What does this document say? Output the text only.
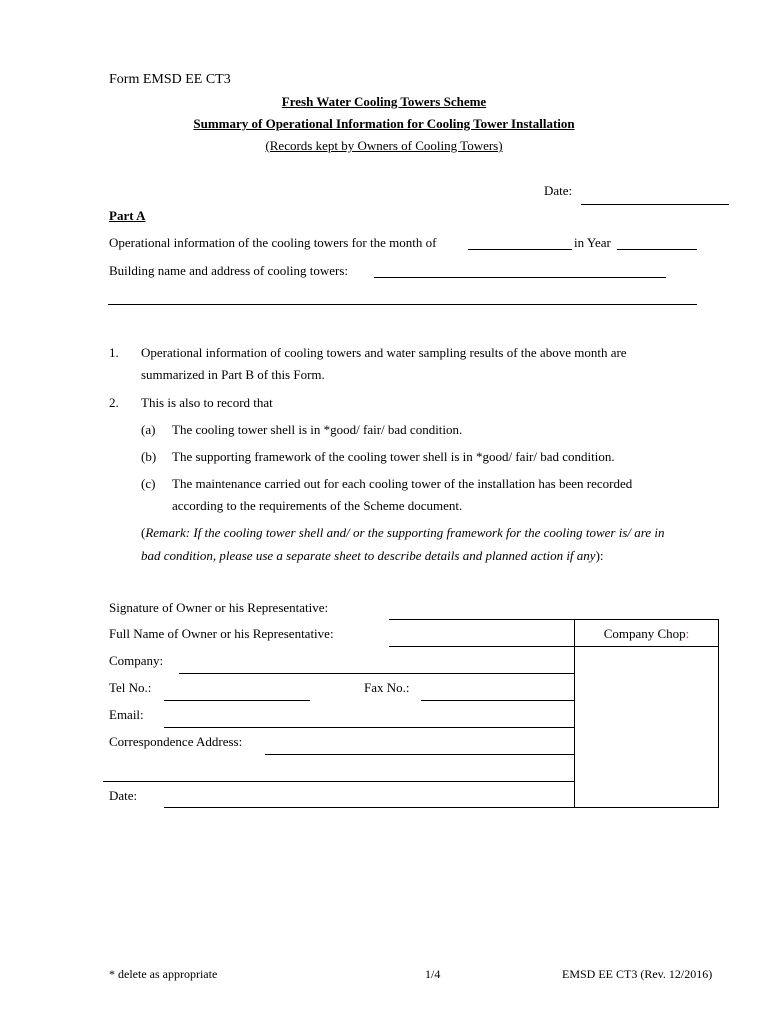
Form EMSD EE CT3
Fresh Water Cooling Towers Scheme
Summary of Operational Information for Cooling Tower Installation
(Records kept by Owners of Cooling Towers)
Date:
Part A
Operational information of the cooling towers for the month of	in Year
Building name and address of cooling towers:
1. Operational information of cooling towers and water sampling results of the above month are
summarized in Part B of this Form.
2. This is also to record that
(a) The cooling tower shell is in *good/ fair/ bad condition.
(b) The supporting framework of the cooling tower shell is in *good/ fair/ bad condition.
(c) The maintenance carried out for each cooling tower of the installation has been recorded
according to the requirements of the Scheme document.
(Remark: If the cooling tower shell and/ or the supporting framework for the cooling tower is/ are in
bad condition, please use a separate sheet to describe details and planned action if any):
Signature of Owner or his Representative:
Company Chop:
Full Name of Owner or his Representative:
Company:
Tel No.:	Fax No.:
Email:
Correspondence Address:
Date:
* delete as appropriate	1/4	EMSD EE CT3 (Rev. 12/2016)
